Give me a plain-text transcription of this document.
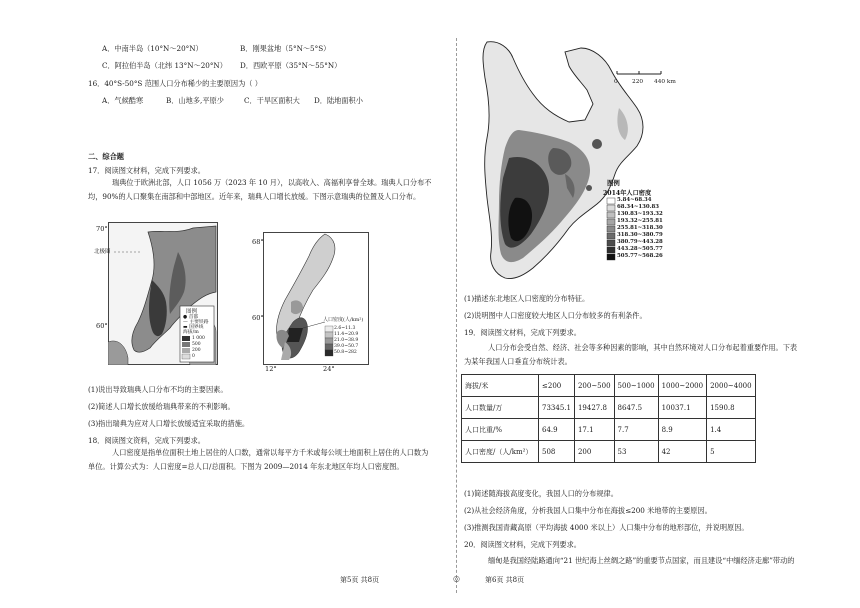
A．中南半岛（10°N～20°N）	B．刚果盆地（5°N～5°S）
C．阿拉伯半岛（北纬 13°N～20°N） D．西欧平原（35°N～55°N）
16．40°S-50°S 范围人口分布稀少的主要原因为（ ）
A．气候酷寒	B．山地多,平原少	C．干旱区面积大 D．陆地面积小
二、综合题
17．阅读图文材料，完成下列要求。
瑞典位于欧洲北部，人口 1056 万（2023 年 10 月），以高收入、高福利享誉全球。瑞典人口分布不均，90%的人口聚集在南部和中部地区。近年来，瑞典人口增长放缓。下图示意瑞典的位置及人口分布。
70°
60°
北极圈
图例
● 首都
— 主要铁路
▬ 国界线
海拔/m
1 000
500
200
0
68°
60°
12°	24°
人口密度(人/km²)
2.6~11.3
11.4~20.9
21.0~38.9
39.0~50.7
50.8~282
(1)说出导致瑞典人口分布不均的主要因素。
(2)简述人口增长放缓给瑞典带来的不利影响。
(3)指出瑞典为应对人口增长放缓适宜采取的措施。
18．阅读图文资料，完成下列要求。
人口密度是指单位面积土地上居住的人口数，通常以每平方千米或每公顷土地面积上居住的人口数为单位。计算公式为：人口密度=总人口/总面积。下图为 2009—2014 年东北地区年均人口密度图。
第5页 共8页
0 220 440 km
图例
2014年人口密度
5.84~68.34
68.34~130.83
130.83~193.32
193.32~255.81
255.81~318.30
318.30~380.79
380.79~443.28
443.28~505.77
505.77~568.26
(1)描述东北地区人口密度的分布特征。
(2)说明图中人口密度较大地区人口分布较多的有利条件。
19．阅读图文材料，完成下列要求。
人口分布会受自然、经济、社会等多种因素的影响，其中自然环境对人口分布起着重要作用。下表为某年我国人口垂直分布统计表。
海拔/米	≤200	200~500	500~1000	1000~2000	2000~4000
人口数量/万	73345.1	19427.8	8647.5	10037.1	1590.8
人口比重/%	64.9	17.1	7.7	8.9	1.4
人口密度/（人/km²）	508	200	53	42	5
(1)简述随海拔高度变化，我国人口的分布规律。
(2)从社会经济角度，分析我国人口集中分布在海拔≤200 米地带的主要原因。
(3)推测我国青藏高原（平均海拔 4000 米以上）人口集中分布的地形部位，并说明原因。
20．阅读图文材料，完成下列要求。
缅甸是我国经陆路通向“21 世纪海上丝绸之路”的重要节点国家，而且建设“中缅经济走廊”带动的
第6页 共8页
◎
